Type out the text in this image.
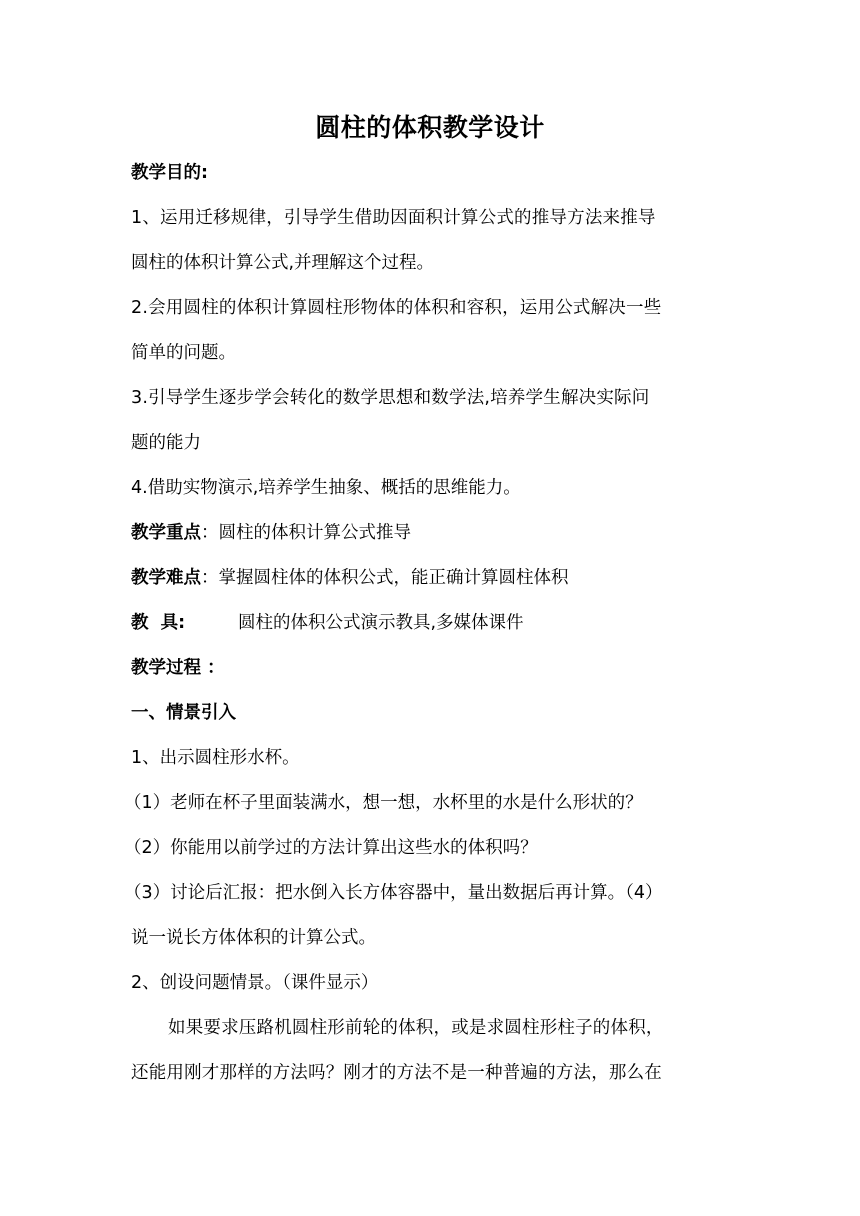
圆柱的体积教学设计
教学目的:
1、运用迁移规律，引导学生借助因面积计算公式的推导方法来推导
圆柱的体积计算公式,并理解这个过程。
2.会用圆柱的体积计算圆柱形物体的体积和容积，运用公式解决一些
简单的问题。
3.引导学生逐步学会转化的数学思想和数学法,培养学生解决实际问
题的能力
4.借助实物演示,培养学生抽象、概括的思维能力。
教学重点：圆柱的体积计算公式推导
教学难点：掌握圆柱体的体积公式，能正确计算圆柱体积
教  具:	圆柱的体积公式演示教具,多媒体课件
教学过程 ：
一、情景引入
1、出示圆柱形水杯。
（1）老师在杯子里面装满水，想一想，水杯里的水是什么形状的？
（2）你能用以前学过的方法计算出这些水的体积吗？
（3）讨论后汇报：把水倒入长方体容器中，量出数据后再计算。（4）
说一说长方体体积的计算公式。
2、创设问题情景。（课件显示）
如果要求压路机圆柱形前轮的体积，或是求圆柱形柱子的体积，
还能用刚才那样的方法吗？刚才的方法不是一种普遍的方法，那么在
